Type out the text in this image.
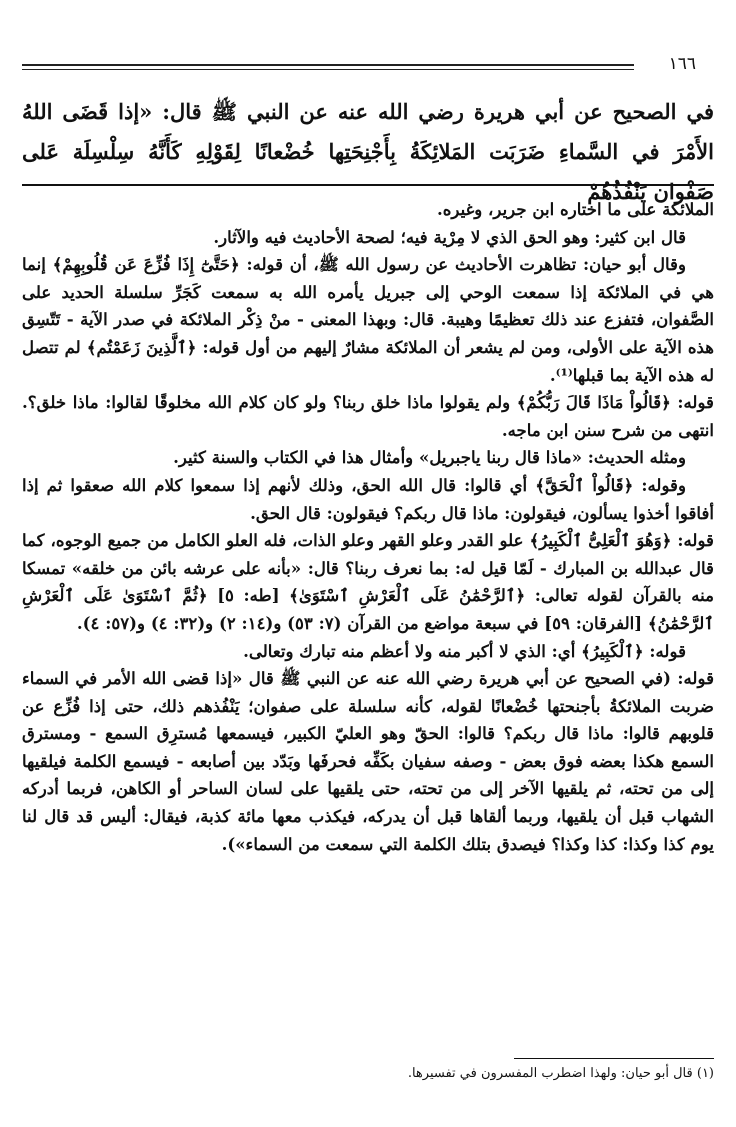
١٦٦
في الصحيح عن أبي هريرة رضي الله عنه عن النبي ﷺ قال: «إذا قَضَى اللهُ الأَمْرَ في السَّماءِ ضَرَبَت المَلائِكَةُ بِأَجْنِحَتِها خُضْعانًا لِقَوْلِهِ كَأَنَّهُ سِلْسِلَة عَلى صَفْوان يَنْفُذُهُمْ

الملائكة على ما اختاره ابن جرير، وغيره.

قال ابن كثير: وهو الحق الذي لا مِرْية فيه؛ لصحة الأحاديث فيه والآثار.

وقال أبو حيان: تظاهرت الأحاديث عن رسول الله ﷺ، أن قوله: ﴿حَتَّىٰٓ إِذَا فُزِّعَ عَن قُلُوبِهِمْ﴾ إنما هي في الملائكة إذا سمعت الوحي إلى جبريل يأمره الله به سمعت كَجَرِّ سلسلة الحديد على الصَّفوان، فتفزع عند ذلك تعظيمًا وهيبة. قال: وبهذا المعنى - منْ ذِكْر الملائكة في صدر الآية - تَتّسِق هذه الآية على الأولى، ومن لم يشعر أن الملائكة مشارٌ إليهم من أول قوله: ﴿ٱلَّذِينَ زَعَمْتُم﴾ لم تتصل له هذه الآية بما قبلها⁽¹⁾.

قوله: ﴿قَالُواْ مَاذَا قَالَ رَبُّكُمْ﴾ ولم يقولوا ماذا خلق ربنا؟ ولو كان كلام الله مخلوقًا لقالوا: ماذا خلق؟. انتهى من شرح سنن ابن ماجه.

ومثله الحديث: «ماذا قال ربنا ياجبريل» وأمثال هذا في الكتاب والسنة كثير.

وقوله: ﴿قَالُواْ ٱلْحَقَّ﴾ أي قالوا: قال الله الحق، وذلك لأنهم إذا سمعوا كلام الله صعقوا ثم إذا أفاقوا أخذوا يسألون، فيقولون: ماذا قال ربكم؟ فيقولون: قال الحق.

قوله: ﴿وَهُوَ ٱلْعَلِىُّ ٱلْكَبِيرُ﴾ علو القدر وعلو القهر وعلو الذات، فله العلو الكامل من جميع الوجوه، كما قال عبدالله بن المبارك - لَمّا قيل له: بما نعرف ربنا؟ قال: «بأنه على عرشه بائن من خلقه» تمسكا منه بالقرآن لقوله تعالى: ﴿ٱلرَّحْمَٰنُ عَلَى ٱلْعَرْشِ ٱسْتَوَىٰ﴾ [طه: ٥] ﴿ثُمَّ ٱسْتَوَىٰ عَلَى ٱلْعَرْشِ ٱلرَّحْمَٰنُ﴾ [الفرقان: ٥٩] في سبعة مواضع من القرآن (٧: ٥٣) و(١٤: ٢) و(٣٢: ٤) و(٥٧: ٤).

قوله: ﴿ٱلْكَبِيرُ﴾ أي: الذي لا أكبر منه ولا أعظم منه تبارك وتعالى.

قوله: (في الصحيح عن أبي هريرة رضي الله عنه عن النبي ﷺ قال «إذا قضى الله الأمر في السماء ضربت الملائكةُ بأجنحتها خُضْعانًا لقوله، كأنه سلسلة على صفوان؛ يَنْفُذهم ذلك، حتى إذا فُزِّع عن قلوبهم قالوا: ماذا قال ربكم؟ قالوا: الحقّ وهو العليّ الكبير، فيسمعها مُسترِق السمع - ومسترق السمع هكذا بعضه فوق بعض - وصفه سفيان بكَفِّه فحرفَها وبَدّد بين أصابعه - فيسمع الكلمة فيلقيها إلى من تحته، ثم يلقيها الآخر إلى من تحته، حتى يلقيها على لسان الساحر أو الكاهن، فربما أدركه الشهاب قبل أن يلقيها، وربما ألقاها قبل أن يدركه، فيكذب معها مائة كذبة، فيقال: أليس قد قال لنا يوم كذا وكذا: كذا وكذا؟ فيصدق بتلك الكلمة التي سمعت من السماء»).

(١) قال أبو حيان: ولهذا اضطرب المفسرون في تفسيرها.
